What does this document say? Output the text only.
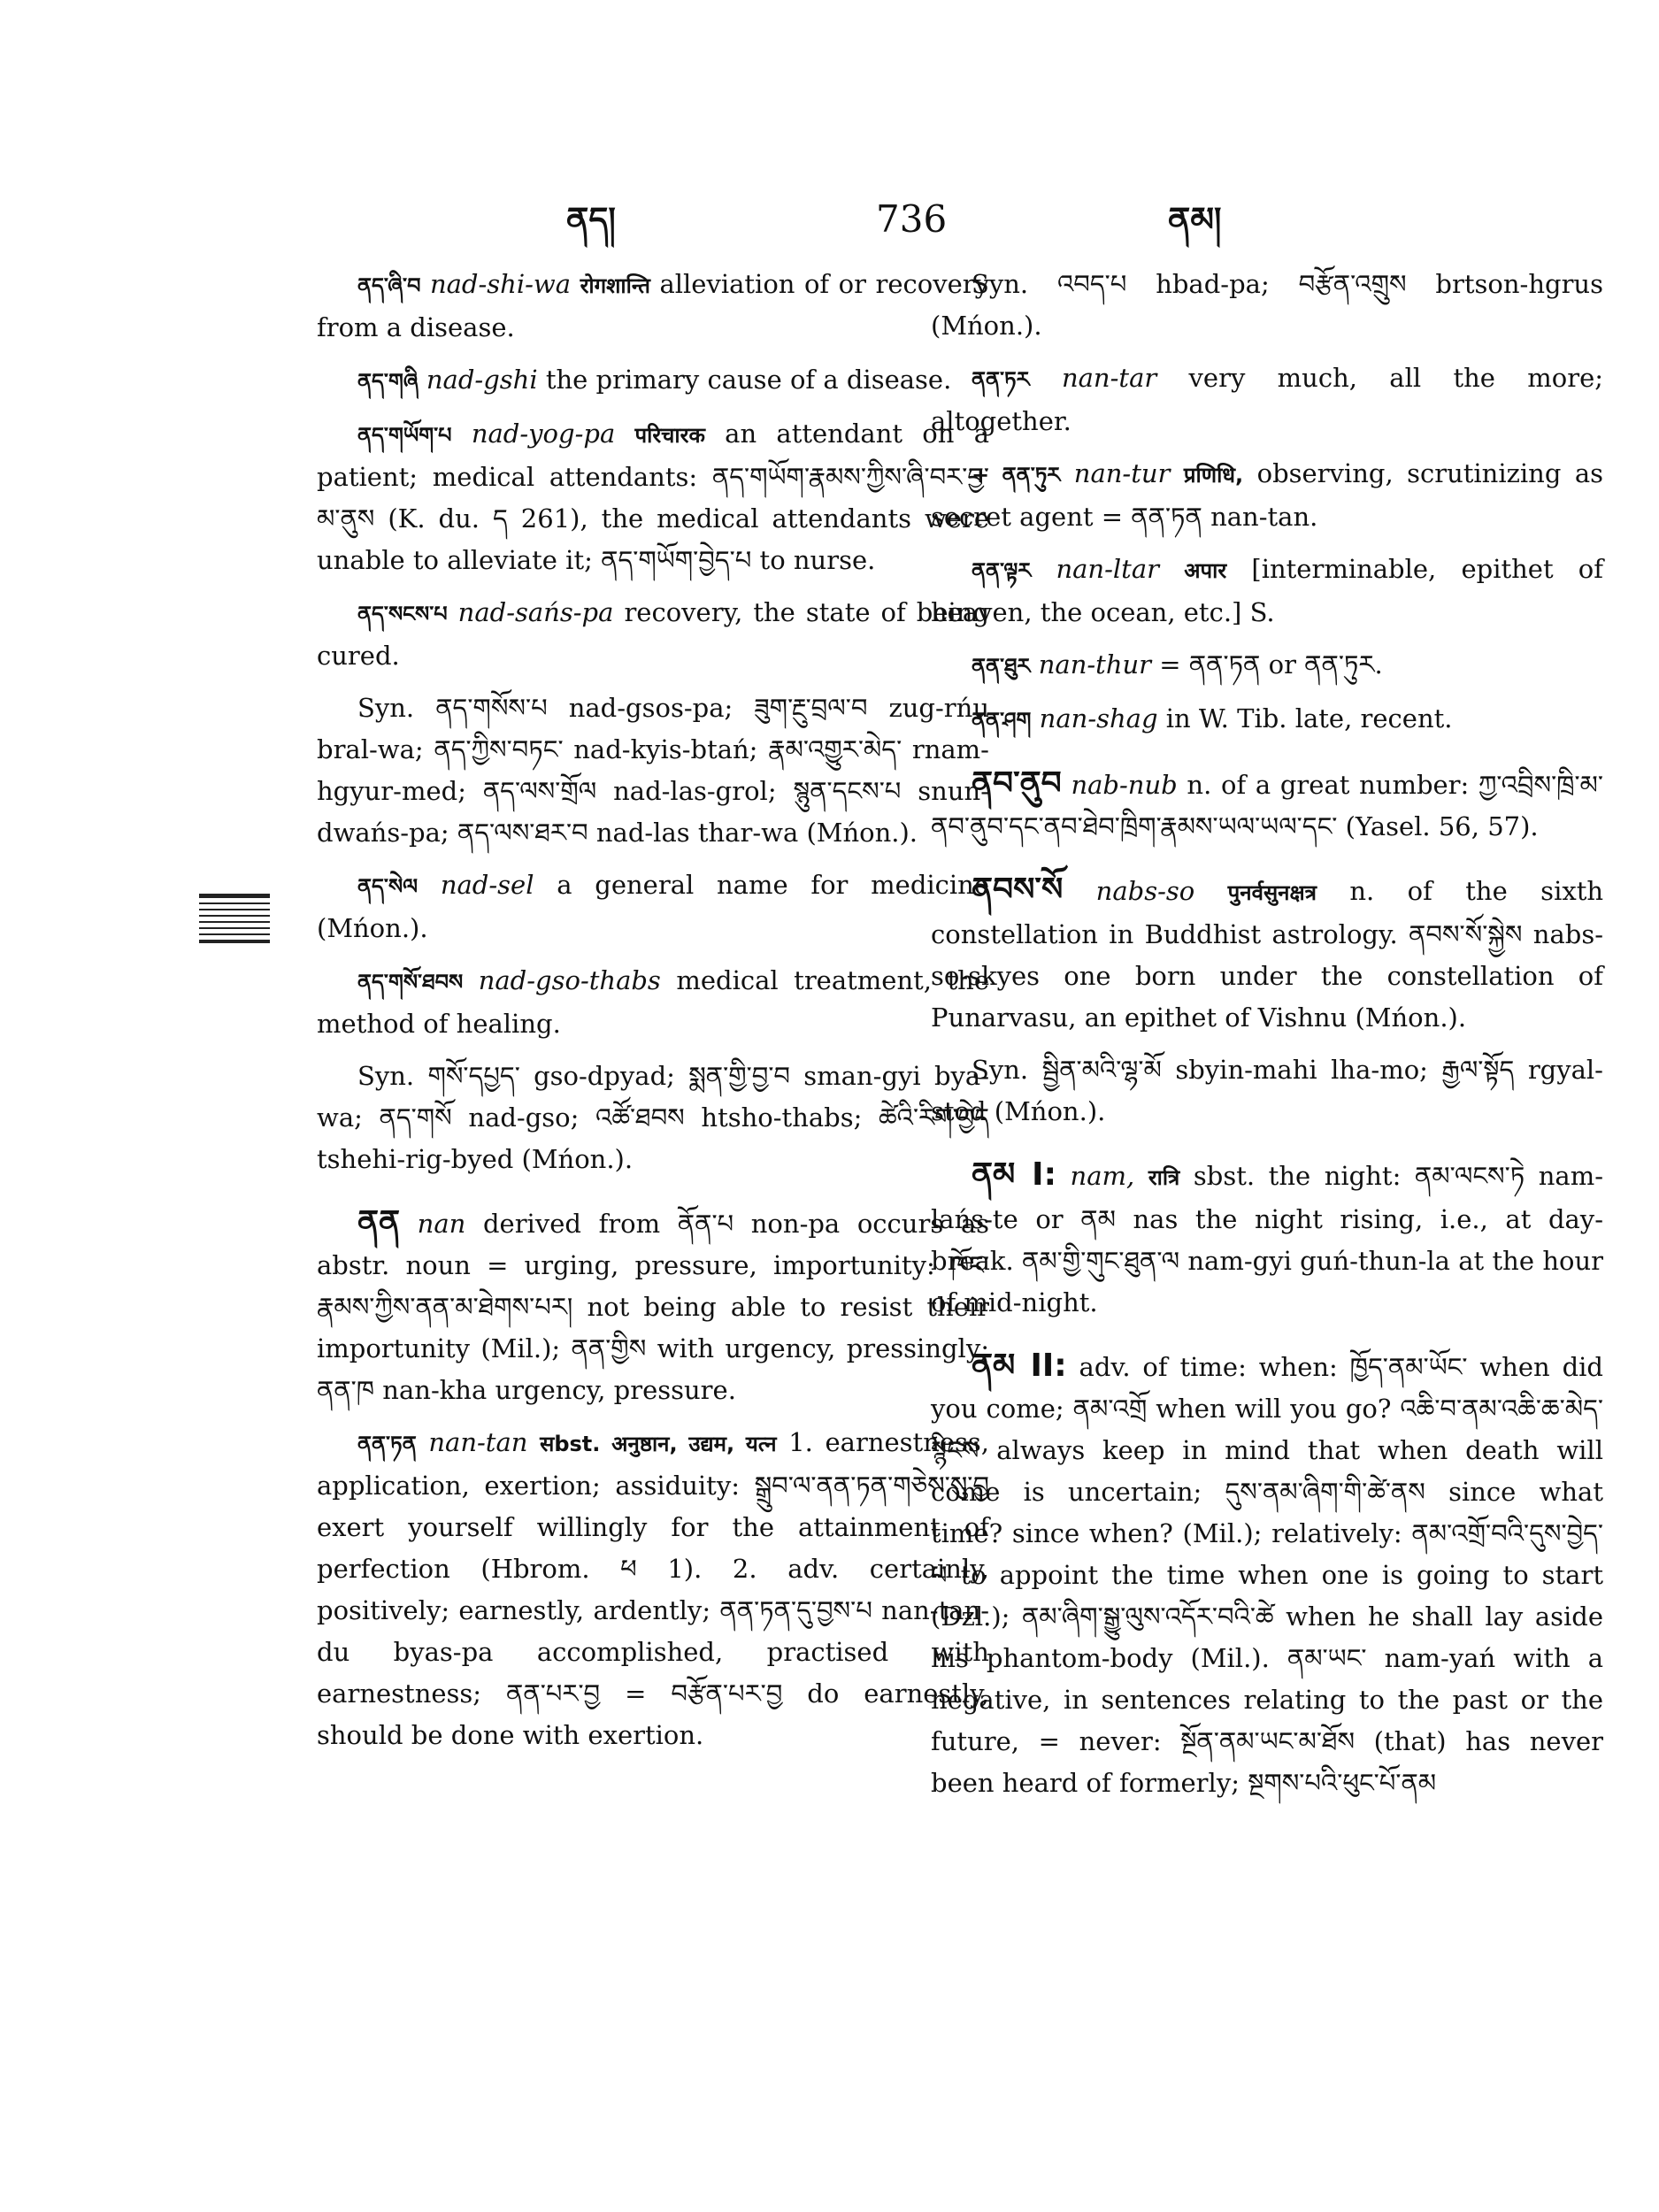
ནད།	736	ནམ།

ནད་ཞི་བ nad-shi-wa रोगशान्ति alleviation of or recovery from a disease.

ནད་གཞི nad-gshi the primary cause of a disease.

ནད་གཡོག་པ nad-yog-pa परिचारक an attendant on a patient; medical attendants: ནད་གཡོག་རྣམས་ཀྱིས་ཞི་བར་བྱ་མ་ནུས (K. du. ད 261), the medical attendants were unable to alleviate it; ནད་གཡོག་བྱེད་པ to nurse.

ནད་སངས་པ nad-sańs-pa recovery, the state of being cured.

Syn. ནད་གསོས་པ nad-gsos-pa; ཟུག་རྔུ་བྲལ་བ zug-rńu bral-wa; ནད་ཀྱིས་བཏང་ nad-kyis-btań; རྣམ་འགྱུར་མེད་ rnam-hgyur-med; ནད་ལས་གྲོལ nad-las-grol; སྙུན་དངས་པ snun-dwańs-pa; ནད་ལས་ཐར་བ nad-las thar-wa (Mńon.).

ནད་སེལ nad-sel a general name for medicine (Mńon.).

ནད་གསོ་ཐབས nad-gso-thabs medical treatment, the method of healing.

Syn. གསོ་དཔྱད་ gso-dpyad; སྨན་གྱི་བྱ་བ sman-gyi bya-wa; ནད་གསོ nad-gso; འཚོ་ཐབས htsho-thabs; ཚེའི་རིག་བྱེད tshehi-rig-byed (Mńon.).

ནན nan derived from ནོན་པ non-pa occurs as abstr. noun = urging, pressure, importunity: ཁོང་རྣམས་ཀྱིས་ནན་མ་ཐེགས་པར། not being able to resist their importunity (Mil.); ནན་གྱིས with urgency, pressingly; ནན་ཁ nan-kha urgency, pressure.

ནན་ཏན nan-tan सbst. अनुष्ठान, उद्यम, यत्न 1. earnestness, application, exertion; assiduity: སྒྲུབ་ལ་ནན་ཏན་གཅེས་སུ་བྱ exert yourself willingly for the attainment of perfection (Hbrom. ཕ 1). 2. adv. certainly, positively; earnestly, ardently; ནན་ཏན་དུ་བྱས་པ nan-tan-du byas-pa accomplished, practised with earnestness; ནན་པར་བྱ = བརྩོན་པར་བྱ do earnestly, should be done with exertion.

Syn. འབད་པ hbad-pa; བརྩོན་འགྲུས brtson-hgrus (Mńon.).

ནན་ཏར nan-tar very much, all the more; altogether.

+ ནན་ཏུར nan-tur प्रणिधि, observing, scrutinizing as secret agent = ནན་ཏན nan-tan.

ནན་ལྟར nan-ltar अपार [interminable, epithet of heaven, the ocean, etc.] S.

ནན་ཐུར nan-thur = ནན་ཏན or ནན་ཏུར.

ནན་ཤག nan-shag in W. Tib. late, recent.

ནབ་ནུབ nab-nub n. of a great number: ཀྱ་འབྲིས་ཁྲི་མ་ནབ་ནུབ་དང་ནབ་ཐེབ་ཁྲིག་རྣམས་ཡལ་ཡལ་དང་ (Yasel. 56, 57).

ནབས་སོ nabs-so पुनर्वसुनक्षत्र n. of the sixth constellation in Buddhist astrology. ནབས་སོ་སྐྱེས nabs-so-skyes one born under the constellation of Punarvasu, an epithet of Vishnu (Mńon.).

Syn. སྦྱིན་མའི་ལྷ་མོ sbyin-mahi lha-mo; རྒྱལ་སྟོད rgyal-stod (Mńon.).

ནམ I: nam, रात्रि sbst. the night: ནམ་ལངས་ཏེ nam-lańs-te or ནམ nas the night rising, i.e., at day-break. ནམ་གྱི་གུང་ཐུན་ལ nam-gyi guń-thun-la at the hour of mid-night.

ནམ II: adv. of time: when: ཁྱོད་ནམ་ཡོང་ when did you come; ནམ་འགྲོ when will you go? འཆི་བ་ནམ་འཆི་ཆ་མེད་སྙིངས always keep in mind that when death will come is uncertain; དུས་ནམ་ཞིག་གི་ཚེ་ནས since what time? since when? (Mil.); relatively: ནམ་འགྲོ་བའི་དུས་བྱེད་པ to appoint the time when one is going to start (Dzl.); ནམ་ཞིག་སྒྱུ་ལུས་འདོར་བའི་ཚེ when he shall lay aside his phantom-body (Mil.). ནམ་ཡང་ nam-yań with a negative, in sentences relating to the past or the future, = never: སྔོན་ནམ་ཡང་མ་ཐོས (that) has never been heard of formerly; སྔགས་པའི་ཕུང་པོ་ནམ
